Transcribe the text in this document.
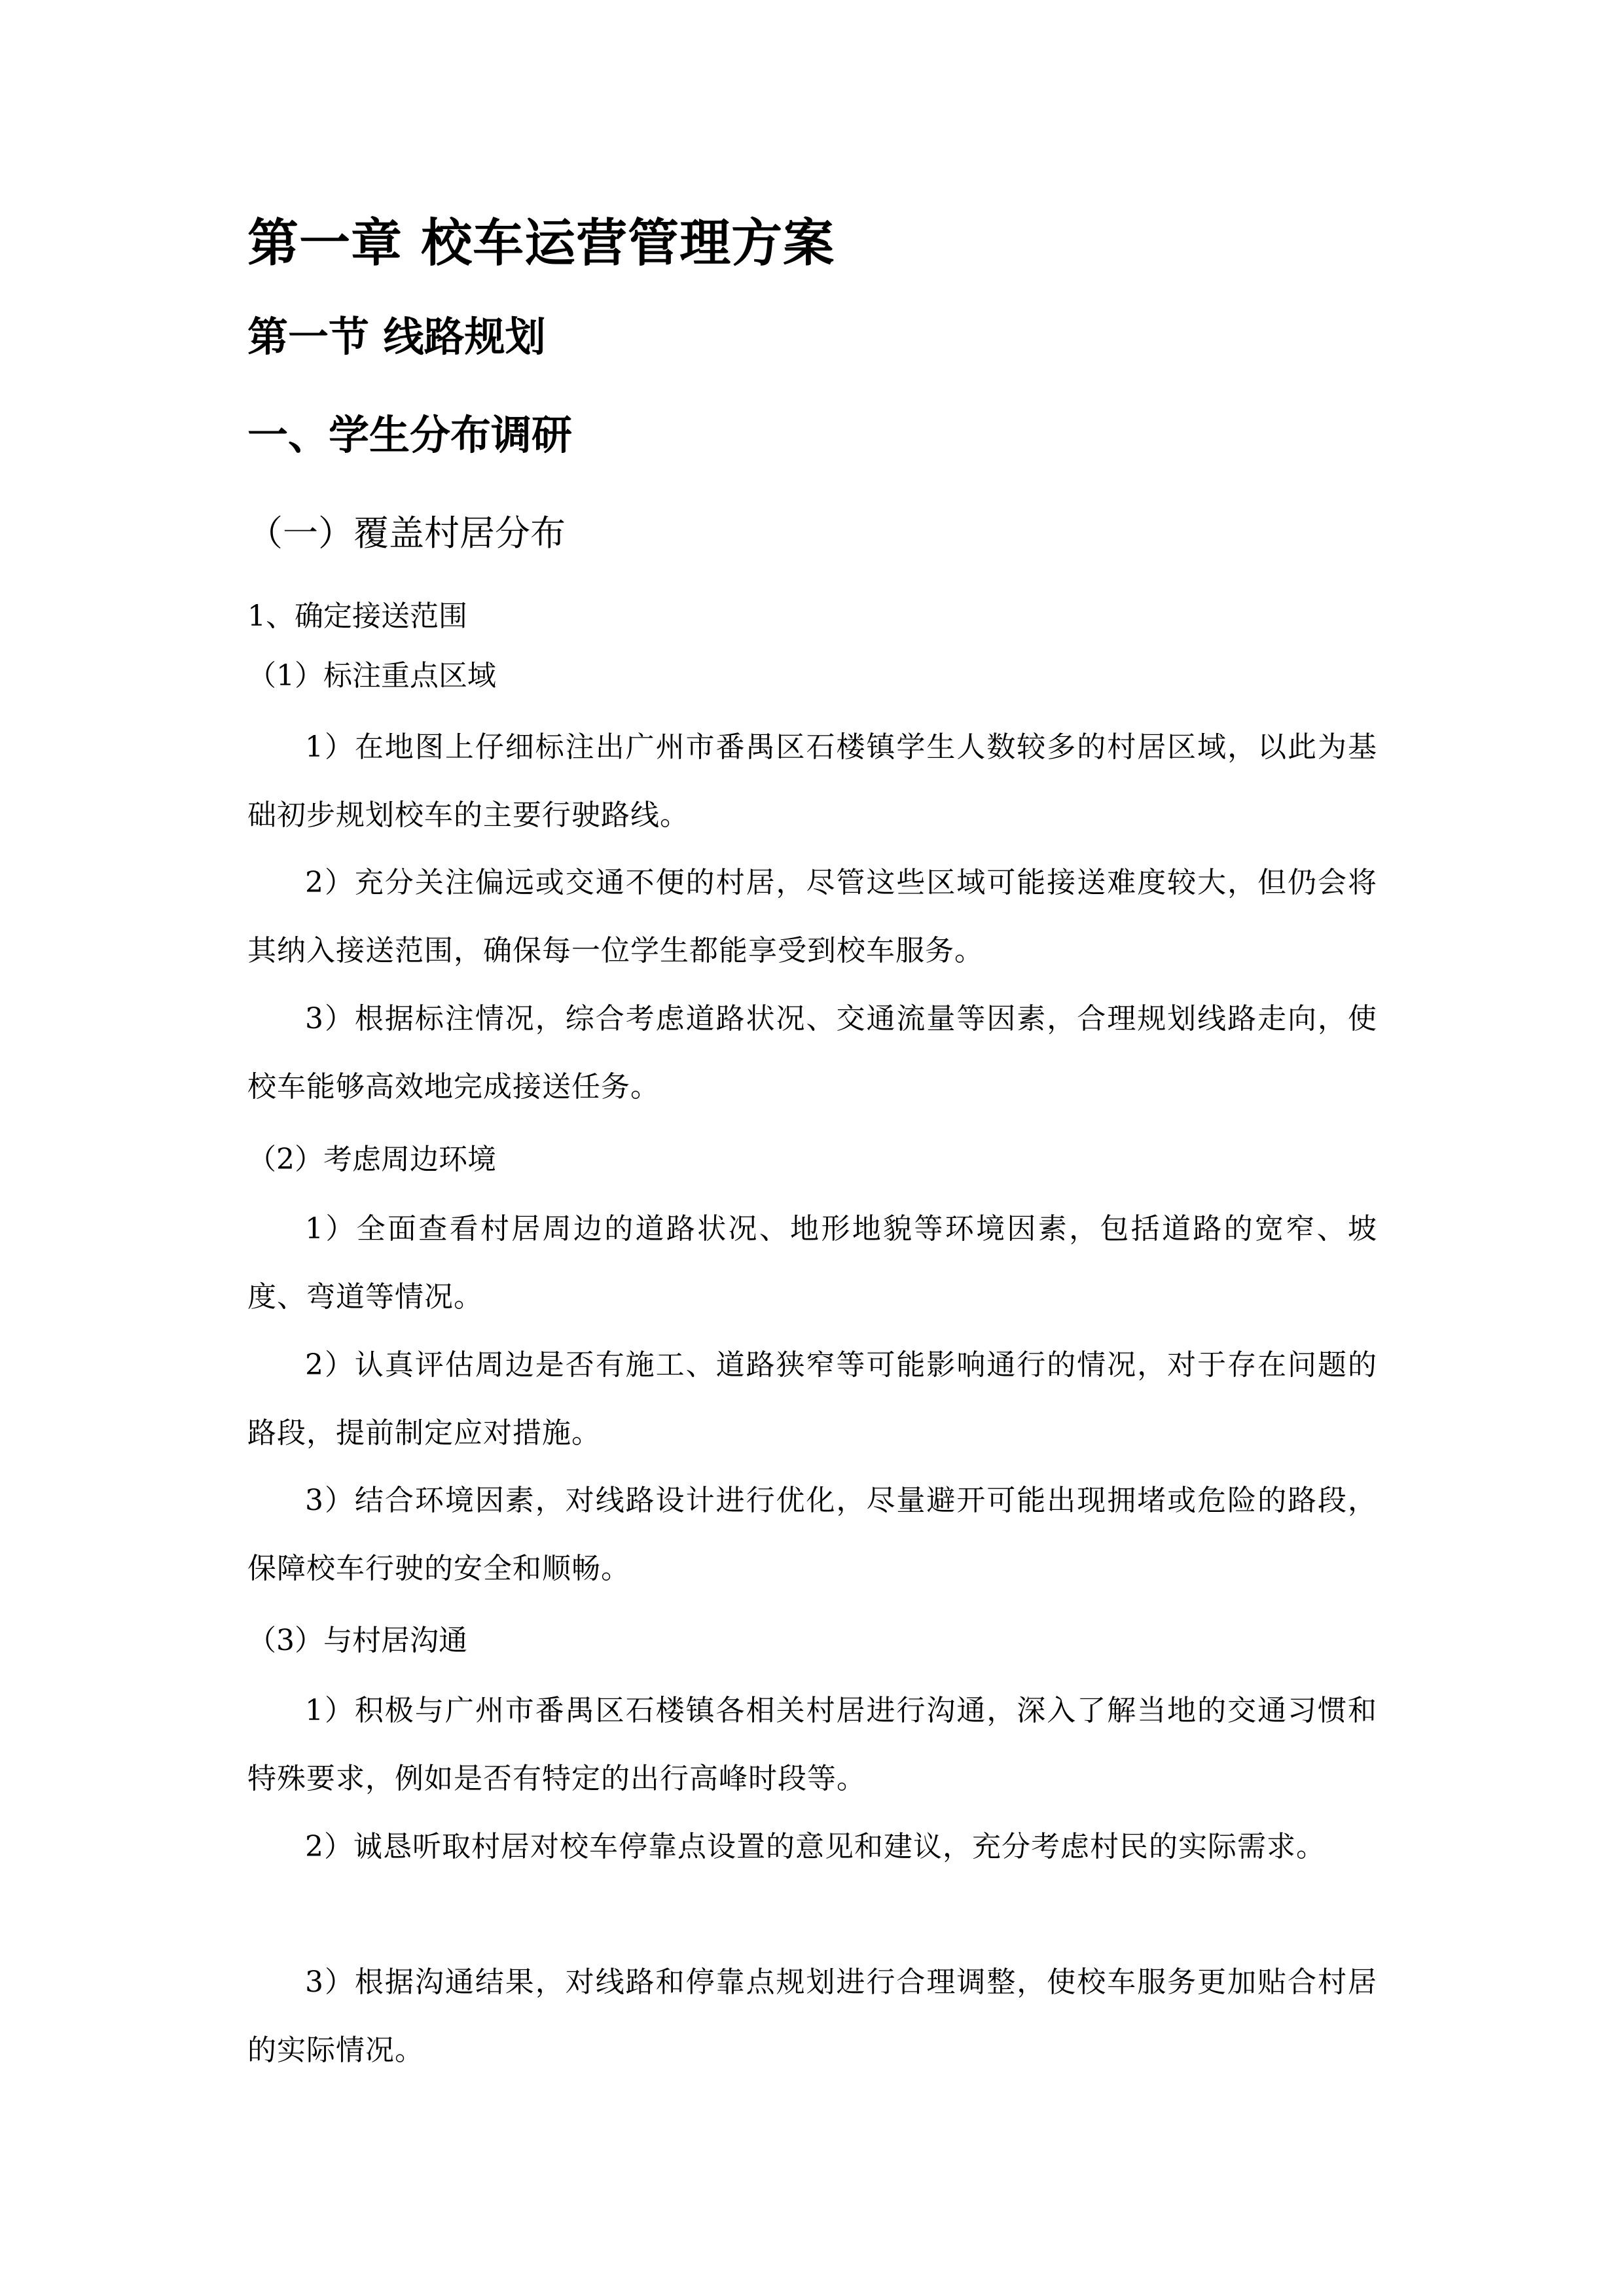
第一章 校车运营管理方案
第一节 线路规划
一、学生分布调研
（一）覆盖村居分布
1、确定接送范围
（1）标注重点区域
1）在地图上仔细标注出广州市番禺区石楼镇学生人数较多的村居区域，以此为基础初步规划校车的主要行驶路线。
2）充分关注偏远或交通不便的村居，尽管这些区域可能接送难度较大，但仍会将其纳入接送范围，确保每一位学生都能享受到校车服务。
3）根据标注情况，综合考虑道路状况、交通流量等因素，合理规划线路走向，使校车能够高效地完成接送任务。
（2）考虑周边环境
1）全面查看村居周边的道路状况、地形地貌等环境因素，包括道路的宽窄、坡度、弯道等情况。
2）认真评估周边是否有施工、道路狭窄等可能影响通行的情况，对于存在问题的路段，提前制定应对措施。
3）结合环境因素，对线路设计进行优化，尽量避开可能出现拥堵或危险的路段，保障校车行驶的安全和顺畅。
（3）与村居沟通
1）积极与广州市番禺区石楼镇各相关村居进行沟通，深入了解当地的交通习惯和特殊要求，例如是否有特定的出行高峰时段等。
2）诚恳听取村居对校车停靠点设置的意见和建议，充分考虑村民的实际需求。
3）根据沟通结果，对线路和停靠点规划进行合理调整，使校车服务更加贴合村居的实际情况。
